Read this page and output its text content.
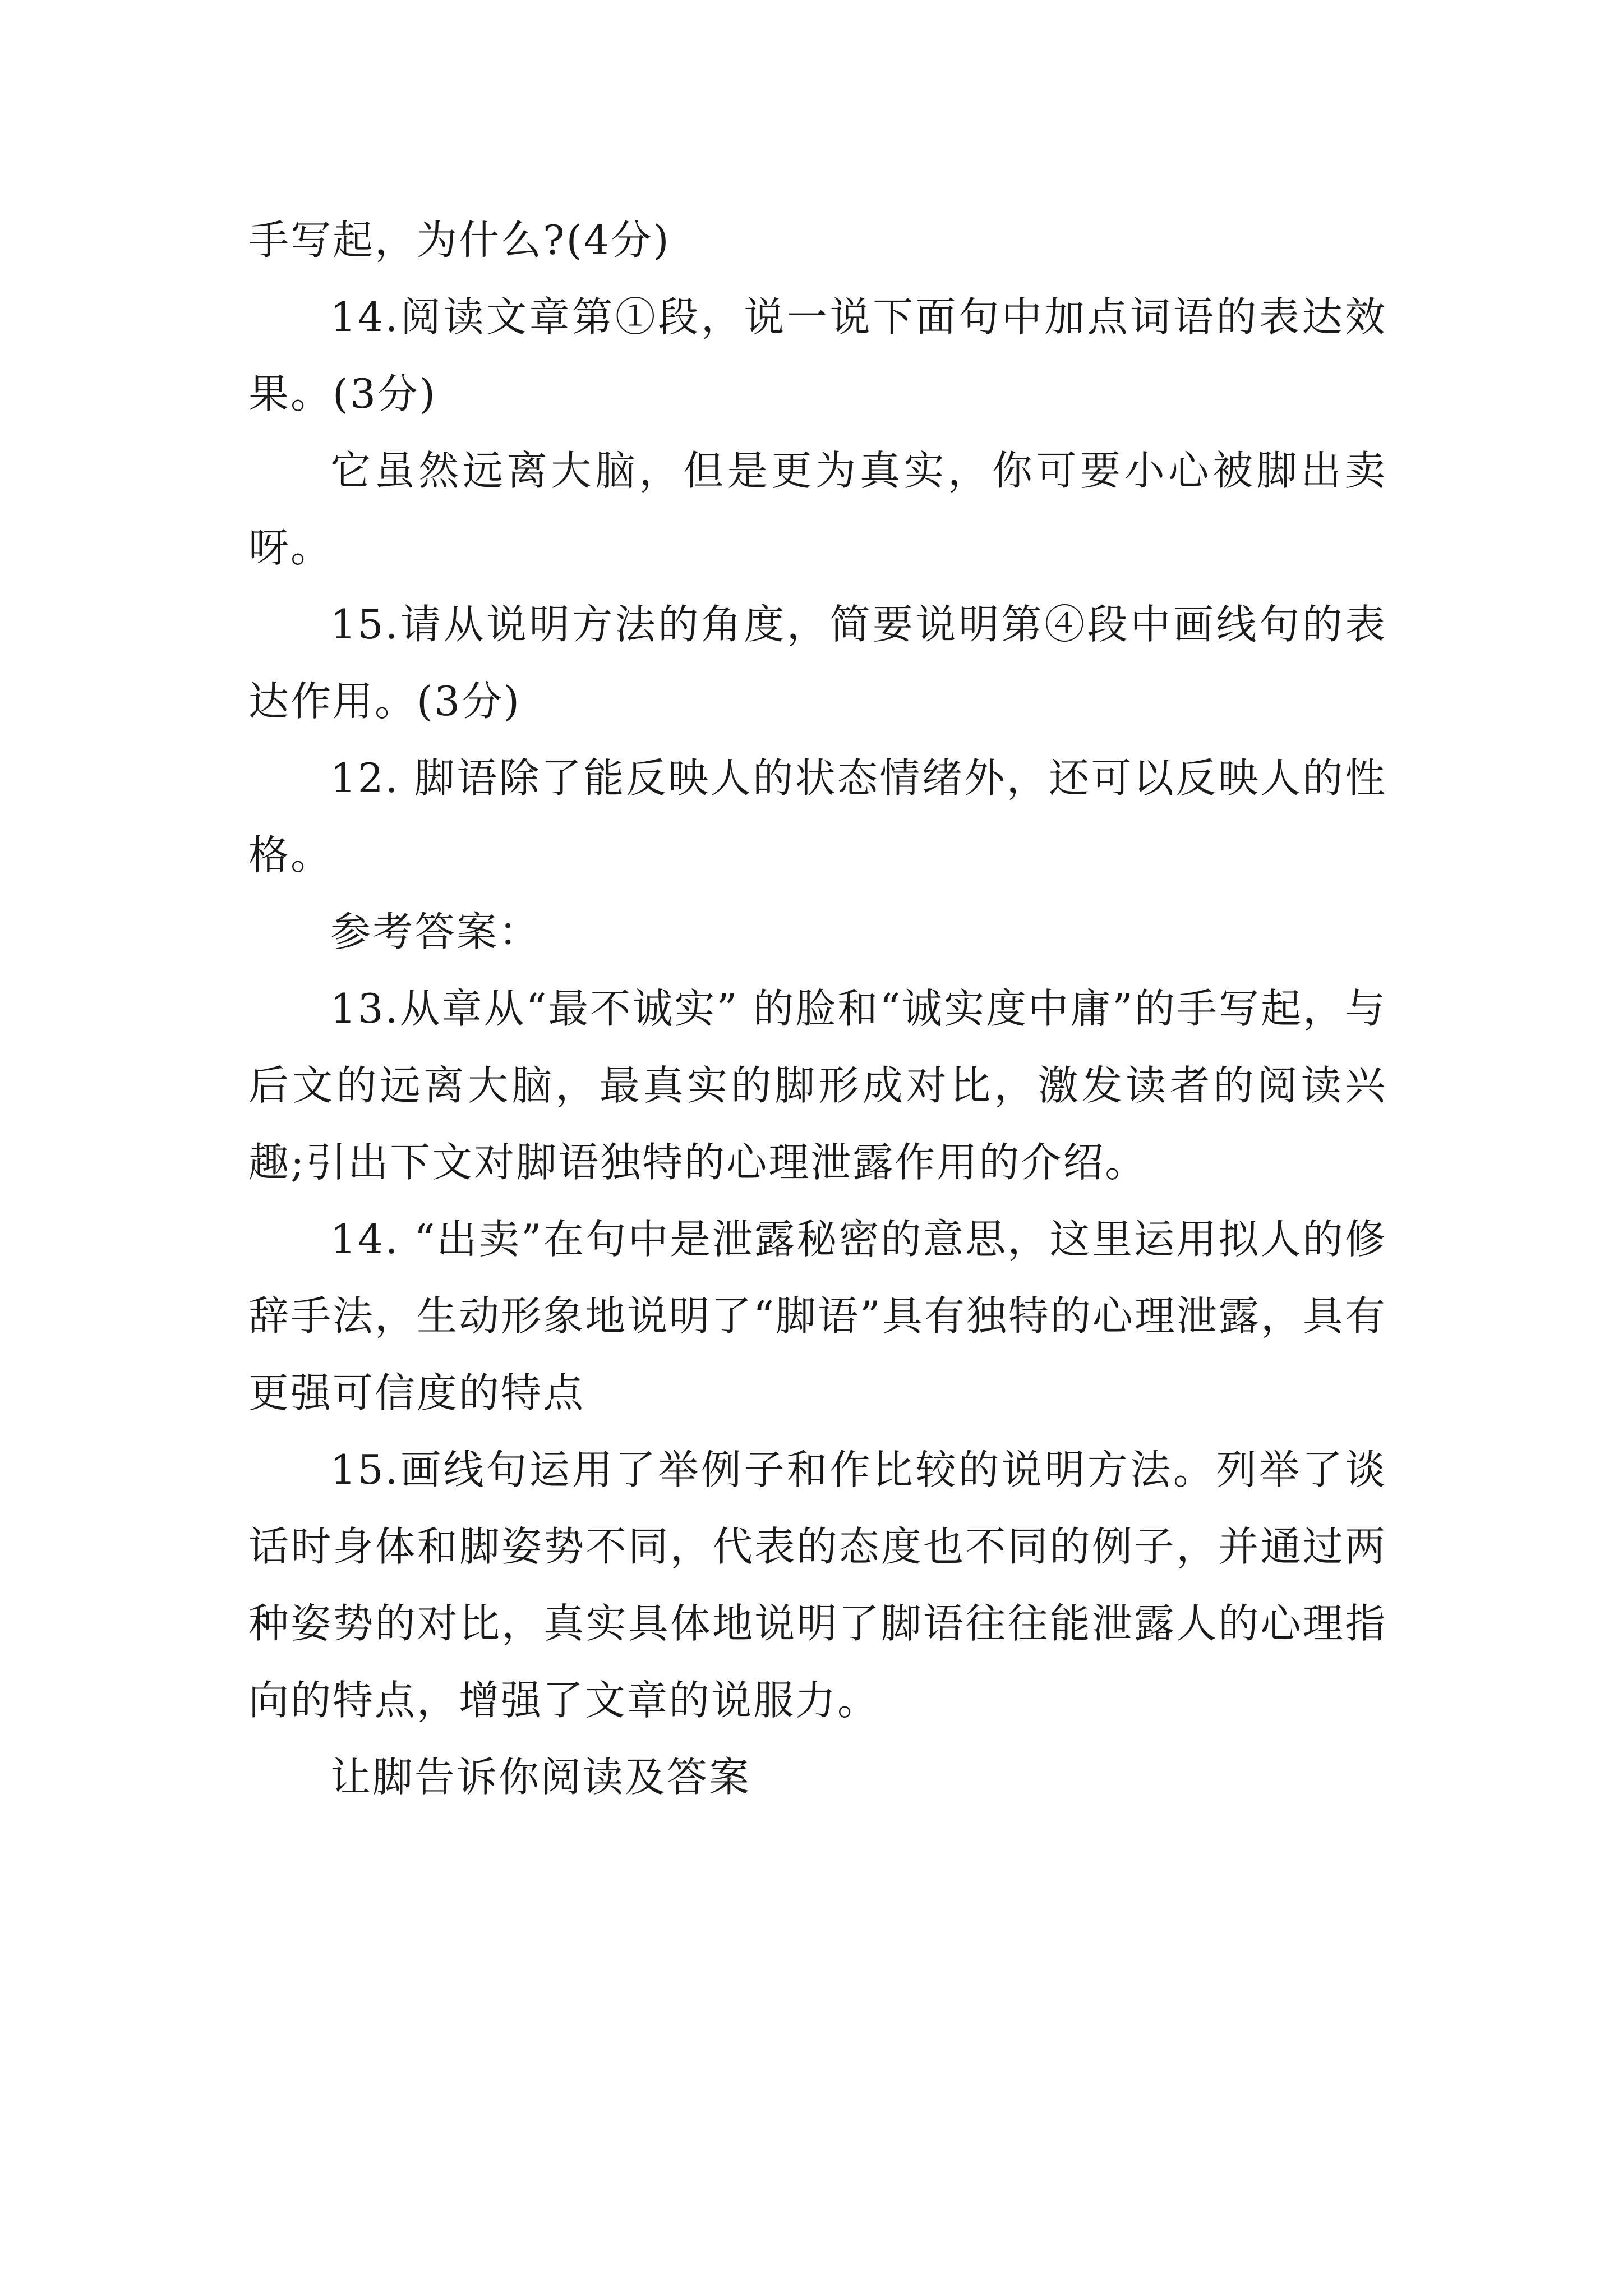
手写起，为什么?(4分)

14.阅读文章第①段，说一说下面句中加点词语的表达效果。(3分)

它虽然远离大脑，但是更为真实，你可要小心被脚出卖呀。

15.请从说明方法的角度，简要说明第④段中画线句的表达作用。(3分)

12. 脚语除了能反映人的状态情绪外，还可以反映人的性格。

参考答案：

13.从章从“最不诚实” 的脸和“诚实度中庸”的手写起，与后文的远离大脑，最真实的脚形成对比，激发读者的阅读兴趣;引出下文对脚语独特的心理泄露作用的介绍。

14. “出卖”在句中是泄露秘密的意思，这里运用拟人的修辞手法，生动形象地说明了“脚语”具有独特的心理泄露，具有更强可信度的特点

15.画线句运用了举例子和作比较的说明方法。列举了谈话时身体和脚姿势不同，代表的态度也不同的例子，并通过两种姿势的对比，真实具体地说明了脚语往往能泄露人的心理指向的特点，增强了文章的说服力。

让脚告诉你阅读及答案
